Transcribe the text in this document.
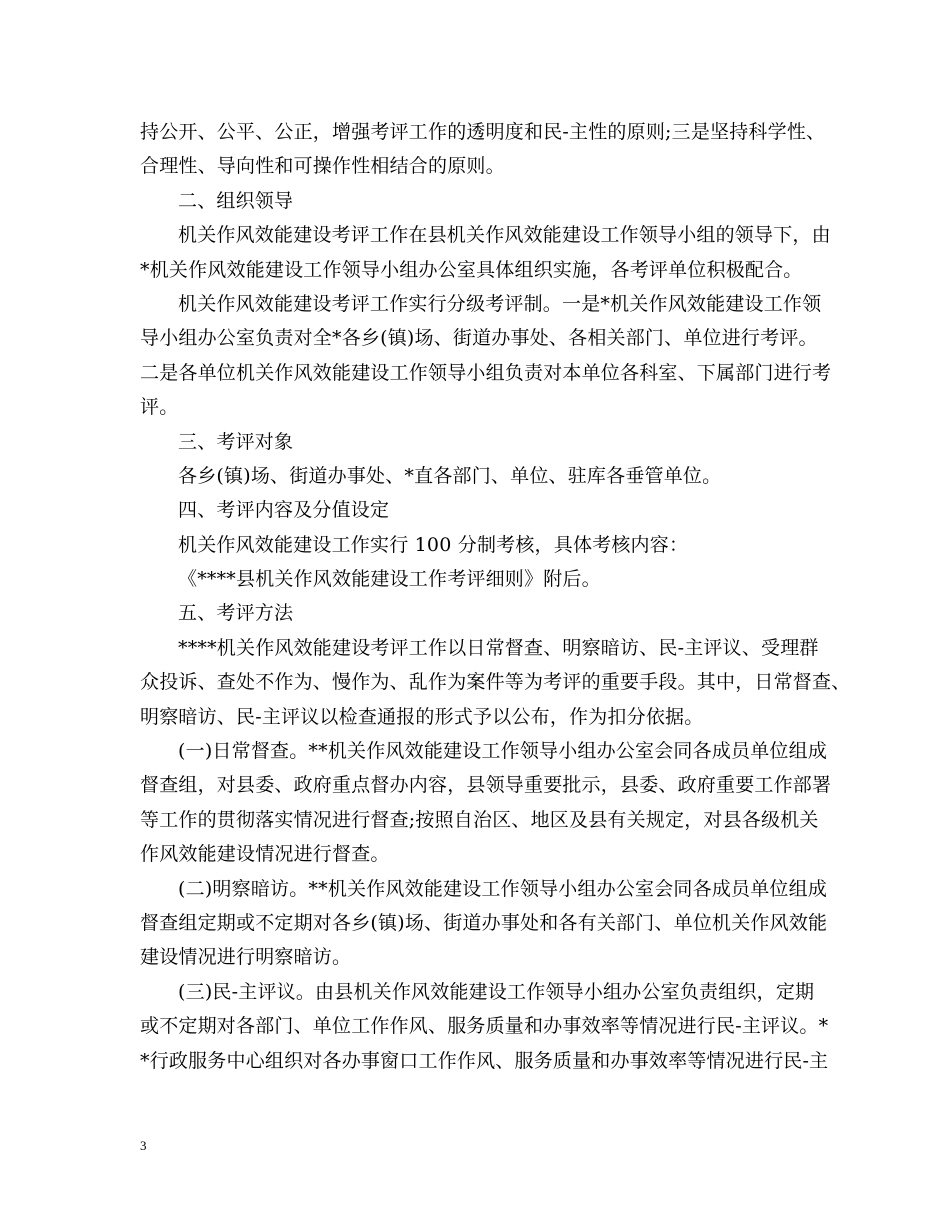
持公开、公平、公正，增强考评工作的透明度和民-主性的原则;三是坚持科学性、
合理性、导向性和可操作性相结合的原则。
二、组织领导
机关作风效能建设考评工作在县机关作风效能建设工作领导小组的领导下，由
*机关作风效能建设工作领导小组办公室具体组织实施，各考评单位积极配合。
机关作风效能建设考评工作实行分级考评制。一是*机关作风效能建设工作领
导小组办公室负责对全*各乡(镇)场、街道办事处、各相关部门、单位进行考评。
二是各单位机关作风效能建设工作领导小组负责对本单位各科室、下属部门进行考
评。
三、考评对象
各乡(镇)场、街道办事处、*直各部门、单位、驻库各垂管单位。
四、考评内容及分值设定
机关作风效能建设工作实行 100 分制考核，具体考核内容：
《****县机关作风效能建设工作考评细则》附后。
五、考评方法
****机关作风效能建设考评工作以日常督查、明察暗访、民-主评议、受理群
众投诉、查处不作为、慢作为、乱作为案件等为考评的重要手段。其中，日常督查、
明察暗访、民-主评议以检查通报的形式予以公布，作为扣分依据。
(一)日常督查。**机关作风效能建设工作领导小组办公室会同各成员单位组成
督查组，对县委、政府重点督办内容，县领导重要批示，县委、政府重要工作部署
等工作的贯彻落实情况进行督查;按照自治区、地区及县有关规定，对县各级机关
作风效能建设情况进行督查。
(二)明察暗访。**机关作风效能建设工作领导小组办公室会同各成员单位组成
督查组定期或不定期对各乡(镇)场、街道办事处和各有关部门、单位机关作风效能
建设情况进行明察暗访。
(三)民-主评议。由县机关作风效能建设工作领导小组办公室负责组织，定期
或不定期对各部门、单位工作作风、服务质量和办事效率等情况进行民-主评议。*
*行政服务中心组织对各办事窗口工作作风、服务质量和办事效率等情况进行民-主
3
